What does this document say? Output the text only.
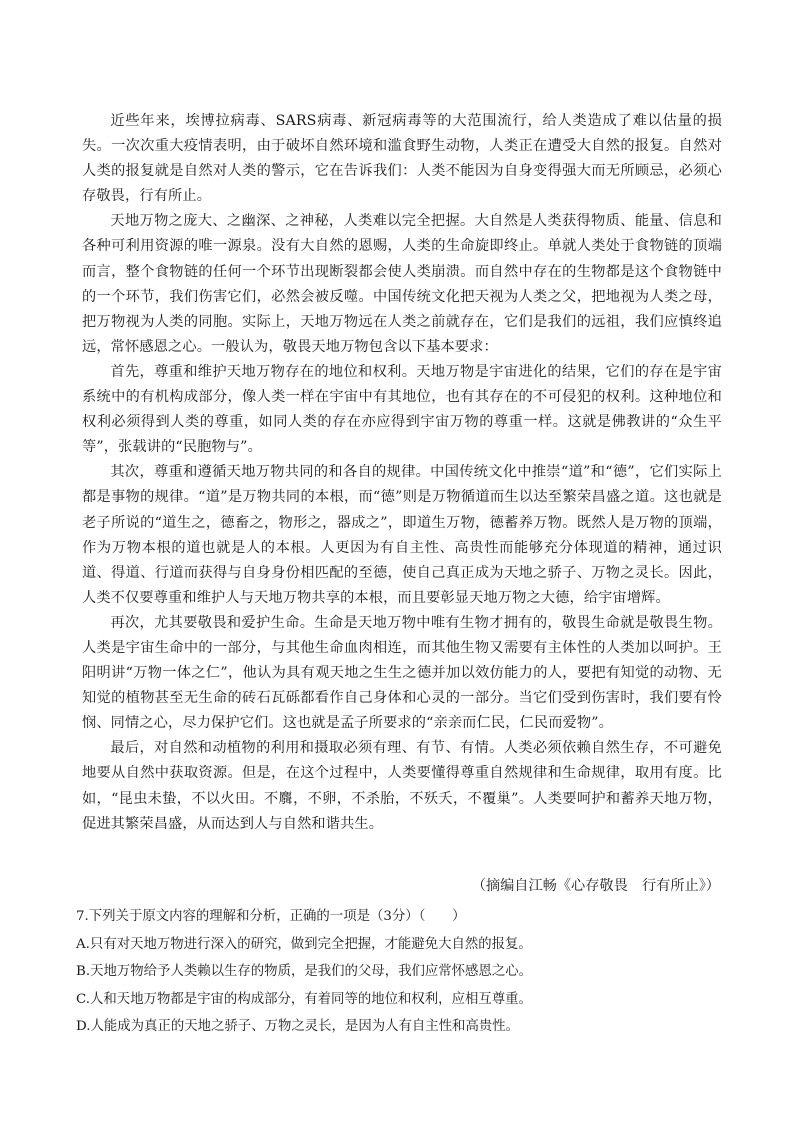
近些年来，埃博拉病毒、SARS病毒、新冠病毒等的大范围流行，给人类造成了难以估量的损失。一次次重大疫情表明，由于破坏自然环境和滥食野生动物，人类正在遭受大自然的报复。自然对人类的报复就是自然对人类的警示，它在告诉我们：人类不能因为自身变得强大而无所顾忌，必须心存敬畏，行有所止。

天地万物之庞大、之幽深、之神秘，人类难以完全把握。大自然是人类获得物质、能量、信息和各种可利用资源的唯一源泉。没有大自然的恩赐，人类的生命旋即终止。单就人类处于食物链的顶端而言，整个食物链的任何一个环节出现断裂都会使人类崩溃。而自然中存在的生物都是这个食物链中的一个环节，我们伤害它们，必然会被反噬。中国传统文化把天视为人类之父，把地视为人类之母，把万物视为人类的同胞。实际上，天地万物远在人类之前就存在，它们是我们的远祖，我们应慎终追远，常怀感恩之心。一般认为，敬畏天地万物包含以下基本要求：

首先，尊重和维护天地万物存在的地位和权利。天地万物是宇宙进化的结果，它们的存在是宇宙系统中的有机构成部分，像人类一样在宇宙中有其地位，也有其存在的不可侵犯的权利。这种地位和权利必须得到人类的尊重，如同人类的存在亦应得到宇宙万物的尊重一样。这就是佛教讲的“众生平等”，张载讲的“民胞物与”。

其次，尊重和遵循天地万物共同的和各自的规律。中国传统文化中推崇“道”和“德”，它们实际上都是事物的规律。“道”是万物共同的本根，而“德”则是万物循道而生以达至繁荣昌盛之道。这也就是老子所说的“道生之，德畜之，物形之，器成之”，即道生万物，德蓄养万物。既然人是万物的顶端，作为万物本根的道也就是人的本根。人更因为有自主性、高贵性而能够充分体现道的精神，通过识道、得道、行道而获得与自身身份相匹配的至德，使自己真正成为天地之骄子、万物之灵长。因此，人类不仅要尊重和维护人与天地万物共享的本根，而且要彰显天地万物之大德，给宇宙增辉。

再次，尤其要敬畏和爱护生命。生命是天地万物中唯有生物才拥有的，敬畏生命就是敬畏生物。人类是宇宙生命中的一部分，与其他生命血肉相连，而其他生物又需要有主体性的人类加以呵护。王阳明讲“万物一体之仁”，他认为具有观天地之生生之德并加以效仿能力的人，要把有知觉的动物、无知觉的植物甚至无生命的砖石瓦砾都看作自己身体和心灵的一部分。当它们受到伤害时，我们要有怜悯、同情之心，尽力保护它们。这也就是孟子所要求的“亲亲而仁民，仁民而爱物”。

最后，对自然和动植物的利用和摄取必须有理、有节、有情。人类必须依赖自然生存，不可避免地要从自然中获取资源。但是，在这个过程中，人类要懂得尊重自然规律和生命规律，取用有度。比如，“昆虫未蛰，不以火田。不麛，不卵，不杀胎，不殀夭，不覆巢”。人类要呵护和蓄养天地万物，促进其繁荣昌盛，从而达到人与自然和谐共生。

（摘编自江畅《心存敬畏　行有所止》）
7.下列关于原文内容的理解和分析，正确的一项是（3分）（　　）
A.只有对天地万物进行深入的研究，做到完全把握，才能避免大自然的报复。
B.天地万物给予人类赖以生存的物质，是我们的父母，我们应常怀感恩之心。
C.人和天地万物都是宇宙的构成部分，有着同等的地位和权利，应相互尊重。
D.人能成为真正的天地之骄子、万物之灵长，是因为人有自主性和高贵性。
